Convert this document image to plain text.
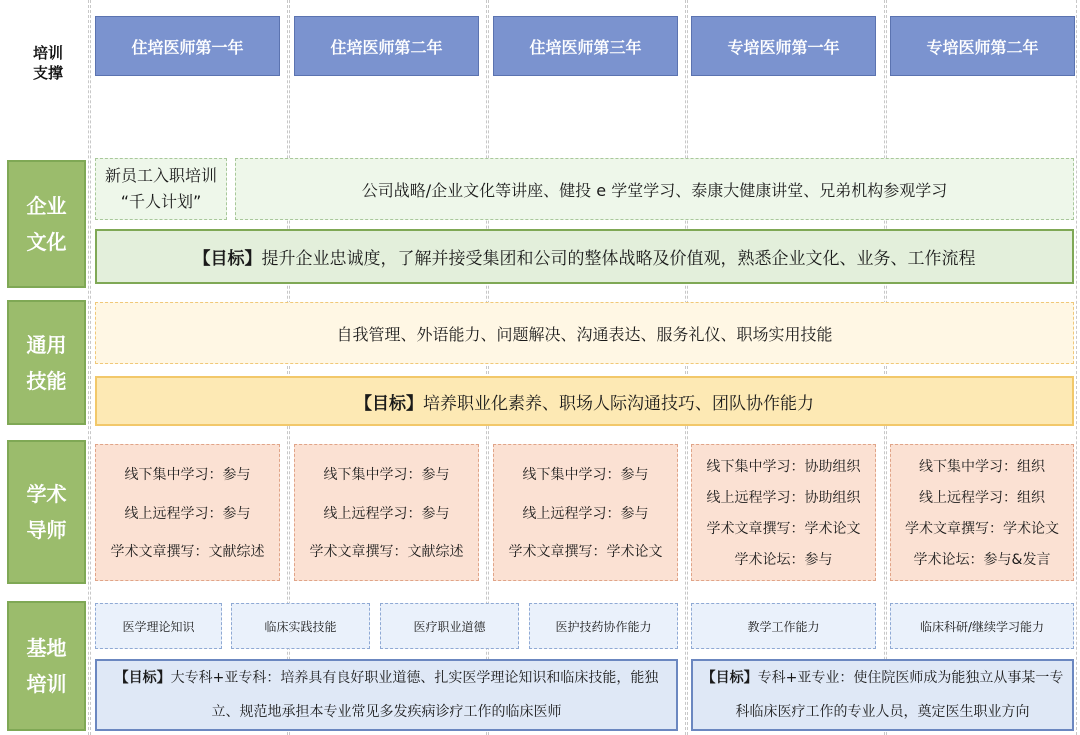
培训
支撑
住培医师第一年	住培医师第二年	住培医师第三年	专培医师第一年	专培医师第二年
企业
文化
新员工入职培训
“千人计划”
公司战略/企业文化等讲座、健投 e 学堂学习、泰康大健康讲堂、兄弟机构参观学习
【目标】提升企业忠诚度，了解并接受集团和公司的整体战略及价值观，熟悉企业文化、业务、工作流程
通用
技能
自我管理、外语能力、问题解决、沟通表达、服务礼仪、职场实用技能
【目标】培养职业化素养、职场人际沟通技巧、团队协作能力
学术
导师
线下集中学习：参与
线上远程学习：参与
学术文章撰写：文献综述
线下集中学习：参与
线上远程学习：参与
学术文章撰写：文献综述
线下集中学习：参与
线上远程学习：参与
学术文章撰写：学术论文
线下集中学习：协助组织
线上远程学习：协助组织
学术文章撰写：学术论文
学术论坛：参与
线下集中学习：组织
线上远程学习：组织
学术文章撰写：学术论文
学术论坛：参与&发言
基地
培训
医学理论知识	临床实践技能	医疗职业道德	医护技药协作能力	教学工作能力	临床科研/继续学习能力
【目标】大专科+亚专科：培养具有良好职业道德、扎实医学理论知识和临床技能，能独立、规范地承担本专业常见多发疾病诊疗工作的临床医师
【目标】专科+亚专业：使住院医师成为能独立从事某一专科临床医疗工作的专业人员，奠定医生职业方向
